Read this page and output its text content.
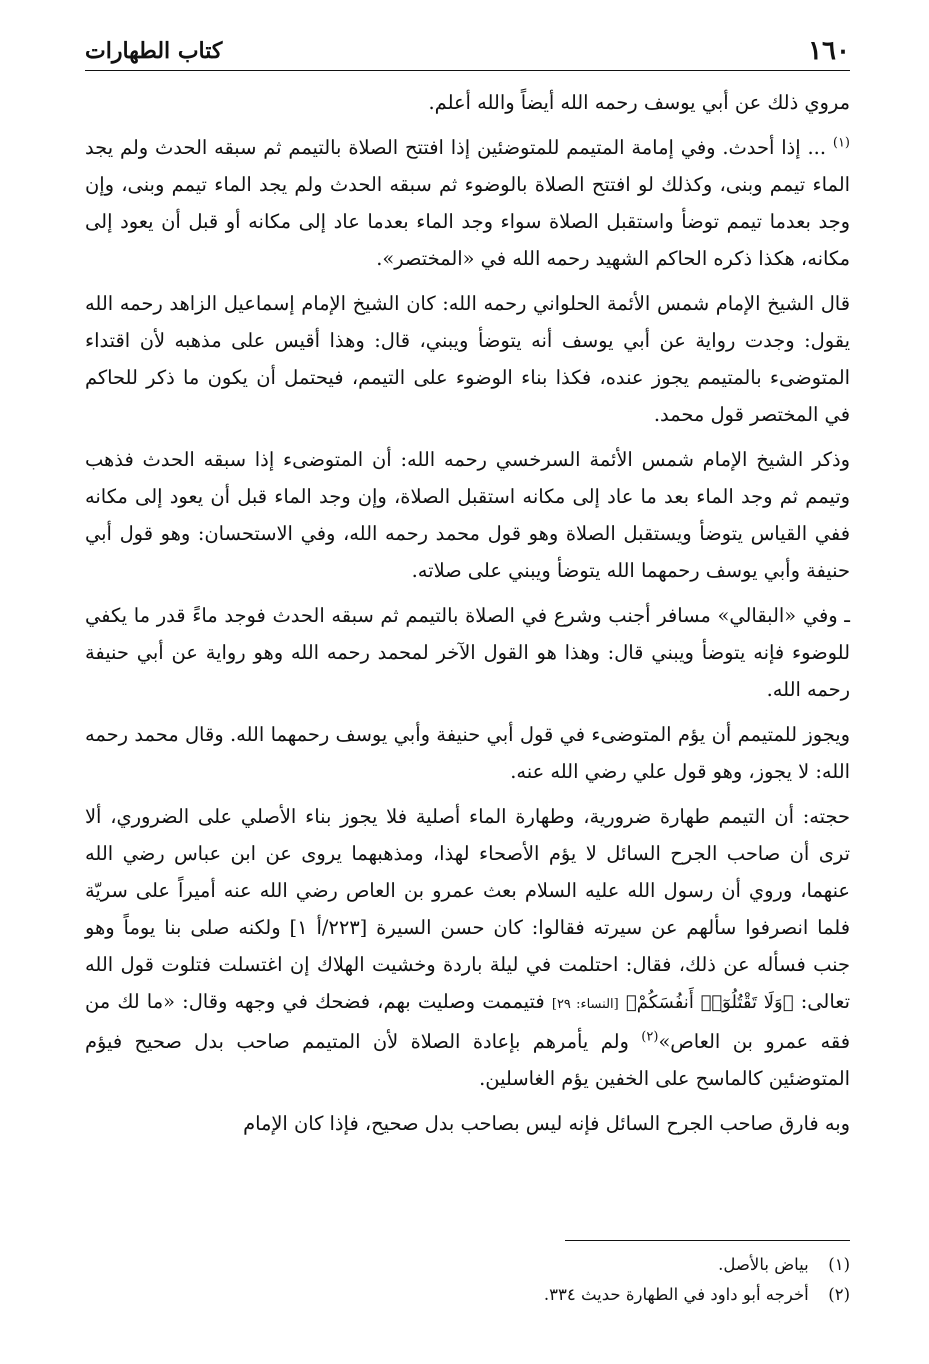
١٦٠
كتاب الطهارات

مروي ذلك عن أبي يوسف رحمه الله أيضاً والله أعلم.

$^{(١)}$ ... إذا أحدث. وفي إمامة المتيمم للمتوضئين إذا افتتح الصلاة بالتيمم ثم سبقه الحدث ولم يجد الماء تيمم وبنى، وكذلك لو افتتح الصلاة بالوضوء ثم سبقه الحدث ولم يجد الماء تيمم وبنى، وإن وجد بعدما تيمم توضأ واستقبل الصلاة سواء وجد الماء بعدما عاد إلى مكانه أو قبل أن يعود إلى مكانه، هكذا ذكره الحاكم الشهيد رحمه الله في «المختصر».

قال الشيخ الإمام شمس الأئمة الحلواني رحمه الله: كان الشيخ الإمام إسماعيل الزاهد رحمه الله يقول: وجدت رواية عن أبي يوسف أنه يتوضأ ويبني، قال: وهذا أقيس على مذهبه لأن اقتداء المتوضىء بالمتيمم يجوز عنده، فكذا بناء الوضوء على التيمم، فيحتمل أن يكون ما ذكر للحاكم في المختصر قول محمد.

وذكر الشيخ الإمام شمس الأئمة السرخسي رحمه الله: أن المتوضىء إذا سبقه الحدث فذهب وتيمم ثم وجد الماء بعد ما عاد إلى مكانه استقبل الصلاة، وإن وجد الماء قبل أن يعود إلى مكانه ففي القياس يتوضأ ويستقبل الصلاة وهو قول محمد رحمه الله، وفي الاستحسان: وهو قول أبي حنيفة وأبي يوسف رحمهما الله يتوضأ ويبني على صلاته.

ـ وفي «البقالي» مسافر أجنب وشرع في الصلاة بالتيمم ثم سبقه الحدث فوجد ماءً قدر ما يكفي للوضوء فإنه يتوضأ ويبني قال: وهذا هو القول الآخر لمحمد رحمه الله وهو رواية عن أبي حنيفة رحمه الله.

ويجوز للمتيمم أن يؤم المتوضىء في قول أبي حنيفة وأبي يوسف رحمهما الله. وقال محمد رحمه الله: لا يجوز، وهو قول علي رضي الله عنه.

حجته: أن التيمم طهارة ضرورية، وطهارة الماء أصلية فلا يجوز بناء الأصلي على الضروري، ألا ترى أن صاحب الجرح السائل لا يؤم الأصحاء لهذا، ومذهبهما يروى عن ابن عباس رضي الله عنهما، وروي أن رسول الله عليه السلام بعث عمرو بن العاص رضي الله عنه أميراً على سريّة فلما انصرفوا سألهم عن سيرته فقالوا: كان حسن السيرة [٢٢٣/أ ١] ولكنه صلى بنا يوماً وهو جنب فسأله عن ذلك، فقال: احتلمت في ليلة باردة وخشيت الهلاك إن اغتسلت فتلوت قول الله تعالى: ﴿وَلَا تَقْتُلُوٓا۟ أَنفُسَكُمْ﴾ [النساء: ٢٩] فتيممت وصليت بهم، فضحك في وجهه وقال: «ما لك من فقه عمرو بن العاص»$^{(٢)}$ ولم يأمرهم بإعادة الصلاة لأن المتيمم صاحب بدل صحيح فيؤم المتوضئين كالماسح على الخفين يؤم الغاسلين.

وبه فارق صاحب الجرح السائل فإنه ليس بصاحب بدل صحيح، فإذا كان الإمام

(١) بياض بالأصل.

(٢) أخرجه أبو داود في الطهارة حديث ٣٣٤.
